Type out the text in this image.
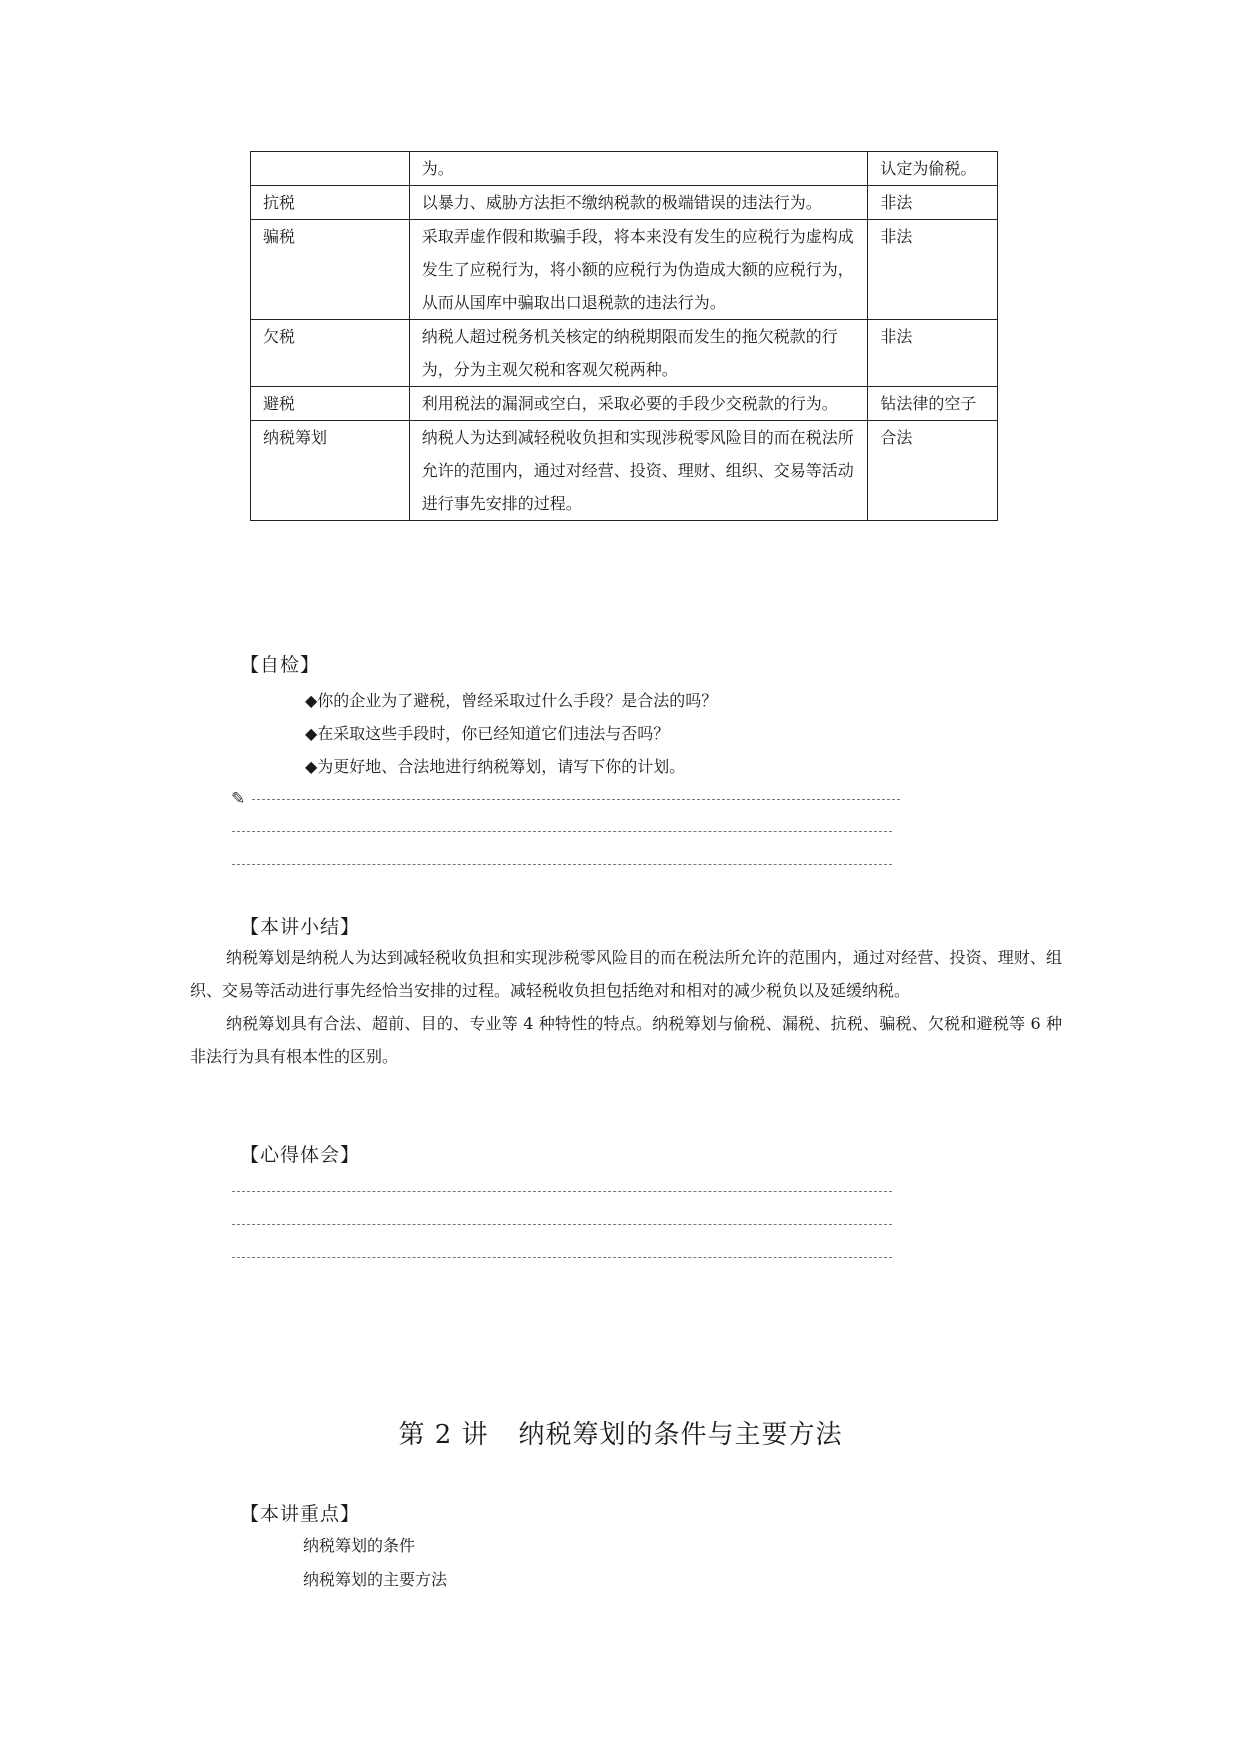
	为。	认定为偷税。
抗税	以暴力、威胁方法拒不缴纳税款的极端错误的违法行为。	非法
骗税	采取弄虚作假和欺骗手段，将本来没有发生的应税行为虚构成发生了应税行为，将小额的应税行为伪造成大额的应税行为，从而从国库中骗取出口退税款的违法行为。	非法
欠税	纳税人超过税务机关核定的纳税期限而发生的拖欠税款的行为，分为主观欠税和客观欠税两种。	非法
避税	利用税法的漏洞或空白，采取必要的手段少交税款的行为。	钻法律的空子
纳税筹划	纳税人为达到减轻税收负担和实现涉税零风险目的而在税法所允许的范围内，通过对经营、投资、理财、组织、交易等活动进行事先安排的过程。	合法
【自检】
◆你的企业为了避税，曾经采取过什么手段？是合法的吗？
◆在采取这些手段时，你已经知道它们违法与否吗？
◆为更好地、合法地进行纳税筹划，请写下你的计划。
✎
【本讲小结】

纳税筹划是纳税人为达到减轻税收负担和实现涉税零风险目的而在税法所允许的范围内，通过对经营、投资、理财、组织、交易等活动进行事先经恰当安排的过程。减轻税收负担包括绝对和相对的减少税负以及延缓纳税。

纳税筹划具有合法、超前、目的、专业等 4 种特性的特点。纳税筹划与偷税、漏税、抗税、骗税、欠税和避税等 6 种非法行为具有根本性的区别。

【心得体会】
第 2 讲 纳税筹划的条件与主要方法
【本讲重点】
纳税筹划的条件
纳税筹划的主要方法
